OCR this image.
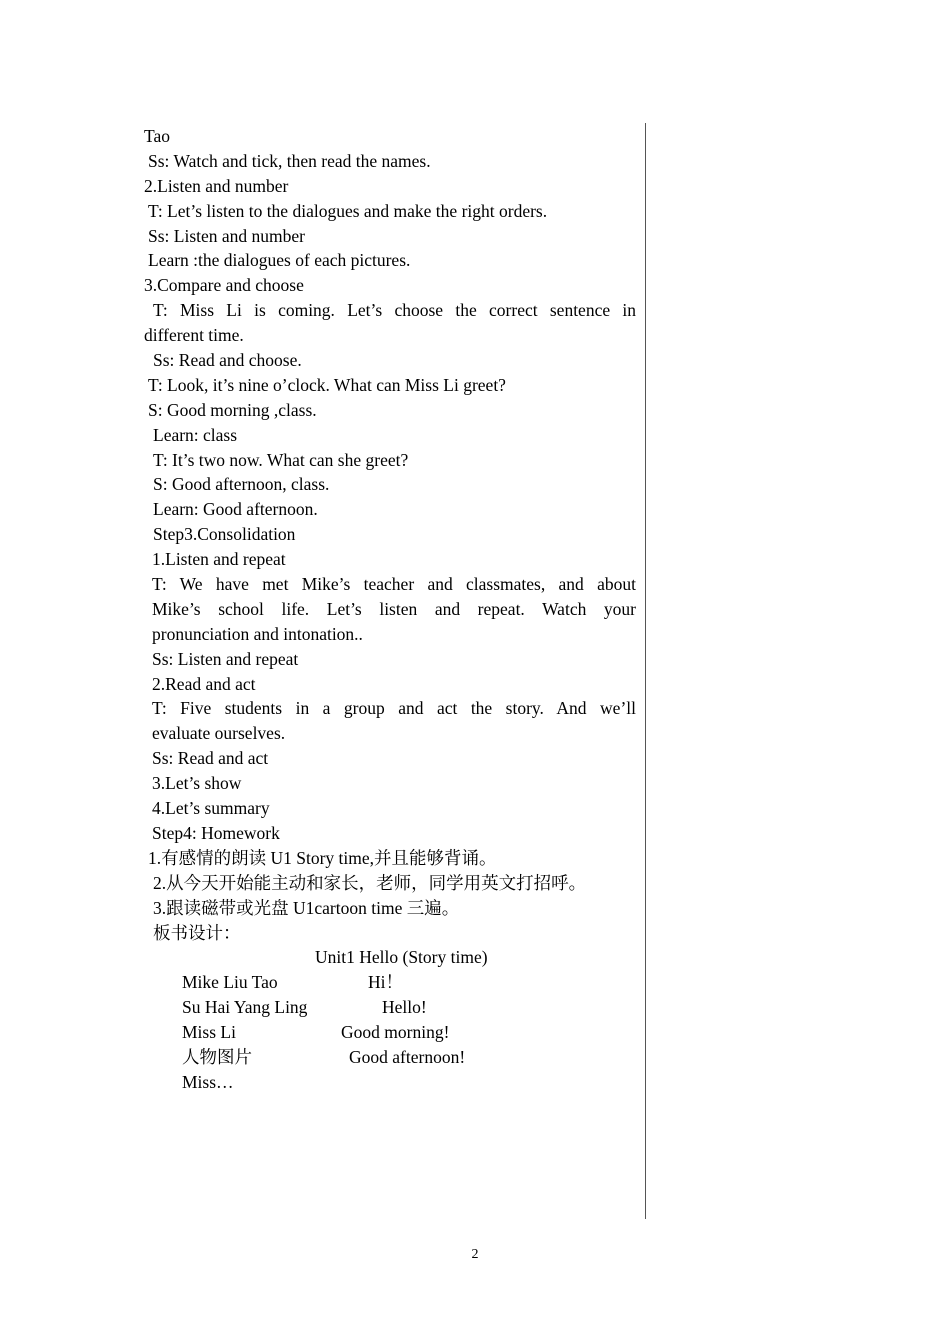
Tao
Ss: Watch and tick, then read the names.
2.Listen and number
T: Let’s listen to the dialogues and make the right orders.
Ss: Listen and number
Learn :the dialogues of each pictures.
3.Compare and choose
T: Miss Li is coming. Let’s choose the correct sentence in
different time.
Ss: Read and choose.
T: Look, it’s nine o’clock. What can Miss Li greet?
S: Good morning ,class.
Learn: class
T: It’s two now. What can she greet?
S: Good afternoon, class.
Learn: Good afternoon.
Step3.Consolidation
1.Listen and repeat
T: We have met Mike’s teacher and classmates, and about
Mike’s school life. Let’s listen and repeat. Watch your
pronunciation and intonation..
Ss: Listen and repeat
2.Read and act
T: Five students in a group and act the story. And we’ll
evaluate ourselves.
Ss: Read and act
3.Let’s show
4.Let’s summary
Step4: Homework
1.有感情的朗读 U1 Story time,并且能够背诵。
2.从今天开始能主动和家长，老师，同学用英文打招呼。
3.跟读磁带或光盘 U1cartoon time 三遍。
板书设计：
Unit1 Hello (Story time)
Mike Liu Tao	Hi！
Su Hai Yang Ling	Hello!
Miss Li	Good morning!
人物图片	Good afternoon!
Miss…
2
